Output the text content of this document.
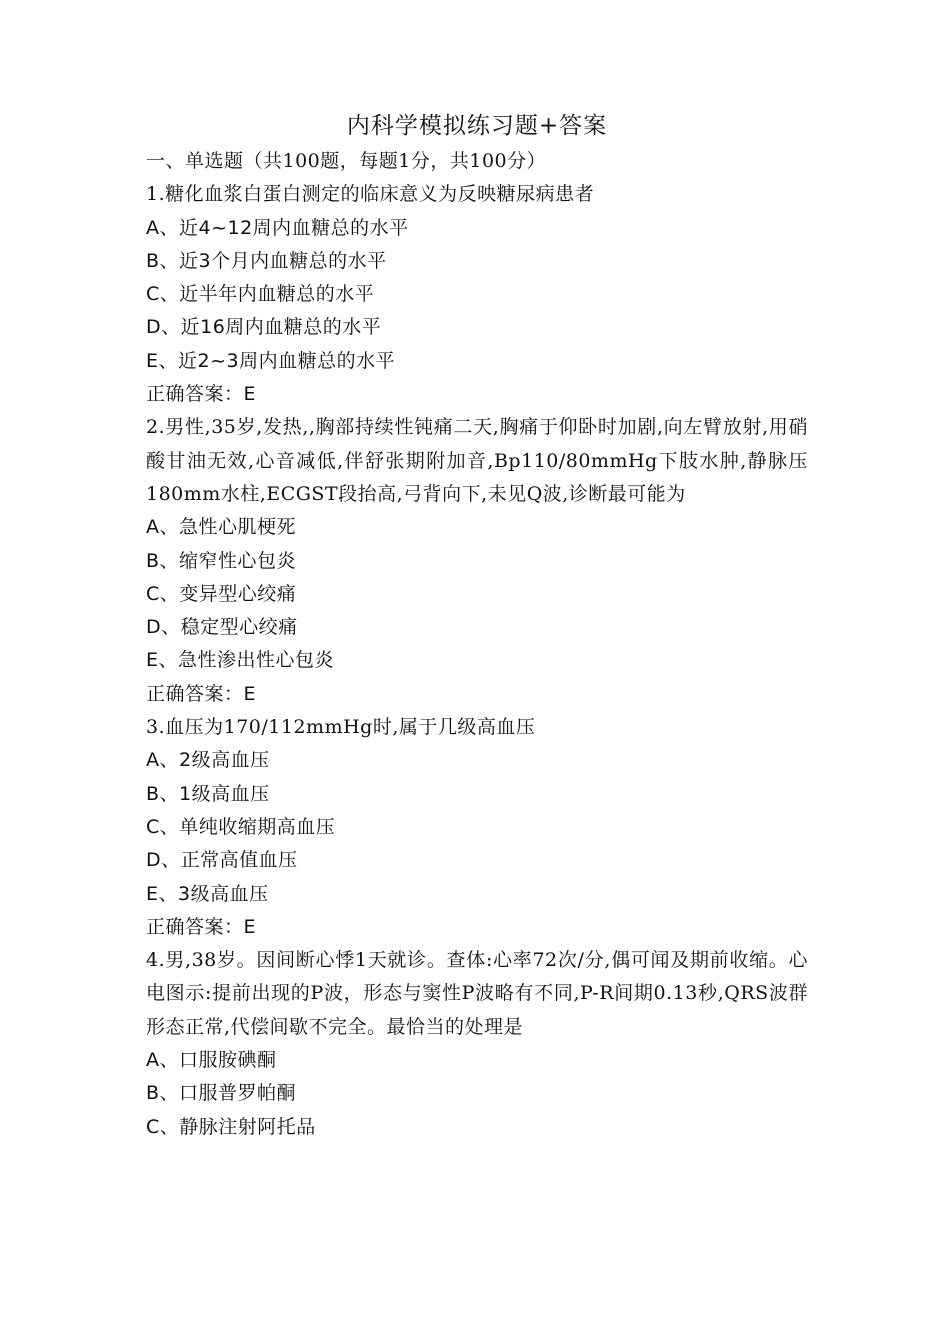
内科学模拟练习题+答案
一、单选题（共100题，每题1分，共100分）
1.糖化血浆白蛋白测定的临床意义为反映糖尿病患者
A、近4~12周内血糖总的水平
B、近3个月内血糖总的水平
C、近半年内血糖总的水平
D、近16周内血糖总的水平
E、近2~3周内血糖总的水平
正确答案：E
2.男性,35岁,发热,,胸部持续性钝痛二天,胸痛于仰卧时加剧,向左臂放射,用硝酸甘油无效,心音减低,伴舒张期附加音,Bp110/80mmHg下肢水肿,静脉压180mm水柱,ECGST段抬高,弓背向下,未见Q波,诊断最可能为
A、急性心肌梗死
B、缩窄性心包炎
C、变异型心绞痛
D、稳定型心绞痛
E、急性渗出性心包炎
正确答案：E
3.血压为170/112mmHg时,属于几级高血压
A、2级高血压
B、1级高血压
C、单纯收缩期高血压
D、正常高值血压
E、3级高血压
正确答案：E
4.男,38岁。因间断心悸1天就诊。查体:心率72次/分,偶可闻及期前收缩。心电图示:提前出现的P波，形态与窦性P波略有不同,P-R间期0.13秒,QRS波群形态正常,代偿间歇不完全。最恰当的处理是
A、口服胺碘酮
B、口服普罗帕酮
C、静脉注射阿托品
